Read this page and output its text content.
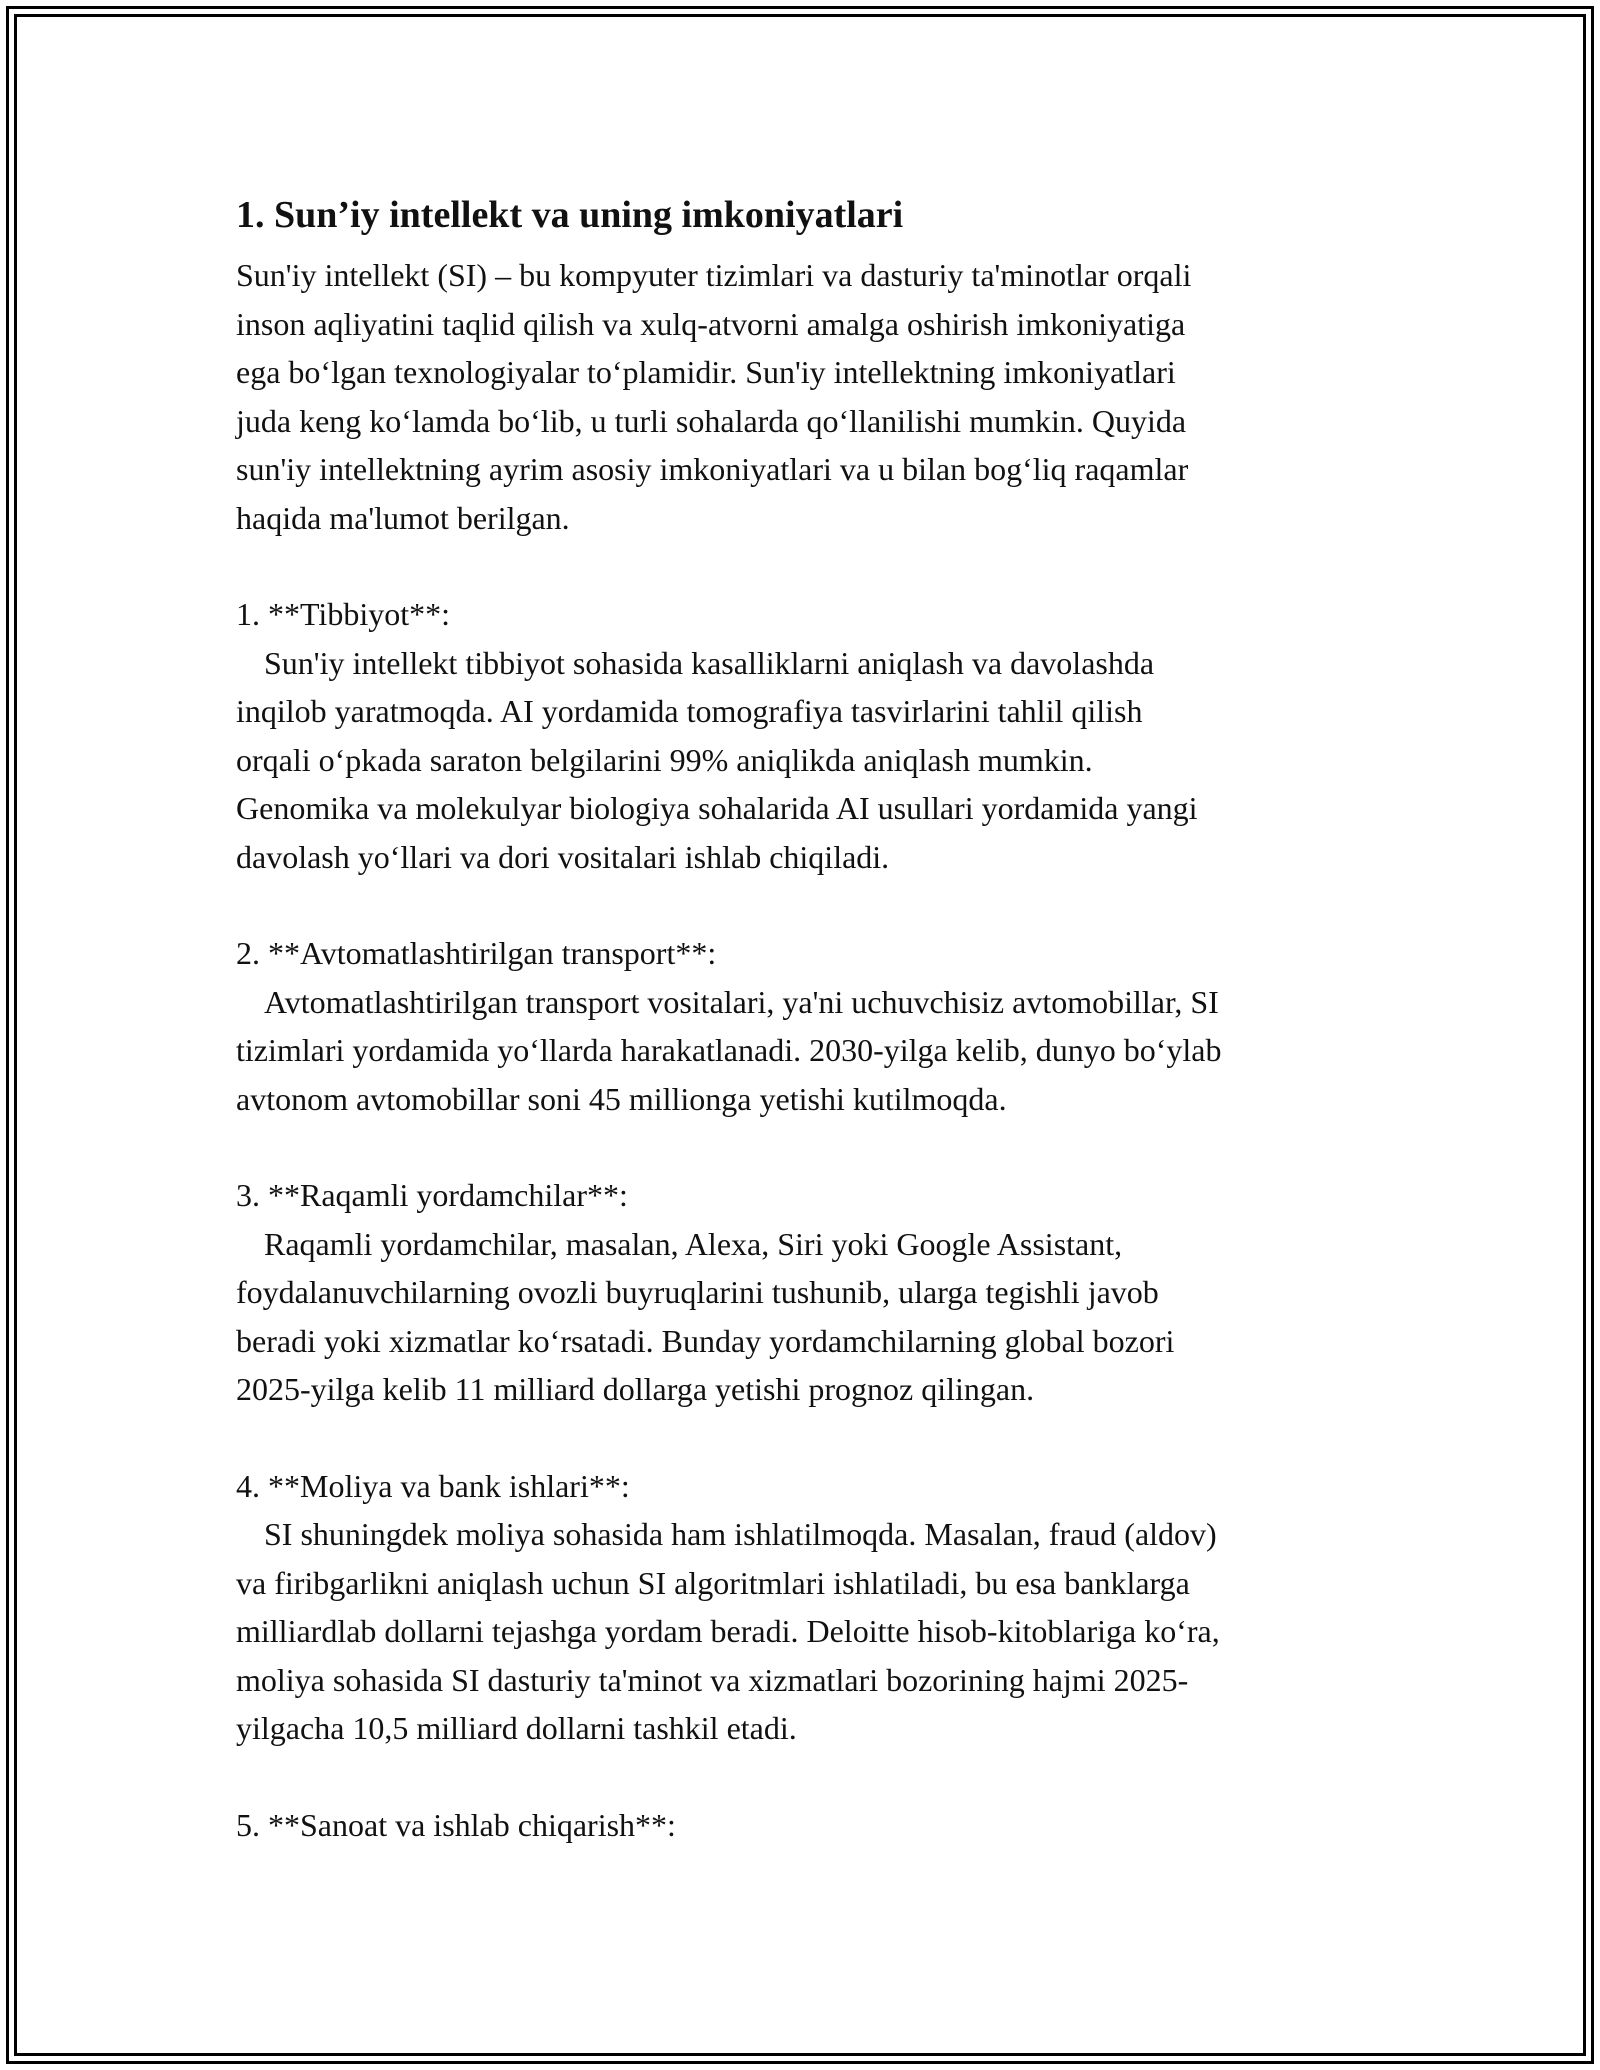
1. Sun’iy intellekt va uning imkoniyatlari

Sun'iy intellekt (SI) – bu kompyuter tizimlari va dasturiy ta'minotlar orqali
inson aqliyatini taqlid qilish va xulq-atvorni amalga oshirish imkoniyatiga
ega bo‘lgan texnologiyalar to‘plamidir. Sun'iy intellektning imkoniyatlari
juda keng ko‘lamda bo‘lib, u turli sohalarda qo‘llanilishi mumkin. Quyida
sun'iy intellektning ayrim asosiy imkoniyatlari va u bilan bog‘liq raqamlar
haqida ma'lumot berilgan.

1. **Tibbiyot**:

Sun'iy intellekt tibbiyot sohasida kasalliklarni aniqlash va davolashda
inqilob yaratmoqda. AI yordamida tomografiya tasvirlarini tahlil qilish
orqali o‘pkada saraton belgilarini 99% aniqlikda aniqlash mumkin.
Genomika va molekulyar biologiya sohalarida AI usullari yordamida yangi
davolash yo‘llari va dori vositalari ishlab chiqiladi.

2. **Avtomatlashtirilgan transport**:

Avtomatlashtirilgan transport vositalari, ya'ni uchuvchisiz avtomobillar, SI
tizimlari yordamida yo‘llarda harakatlanadi. 2030-yilga kelib, dunyo bo‘ylab
avtonom avtomobillar soni 45 millionga yetishi kutilmoqda.

3. **Raqamli yordamchilar**:

Raqamli yordamchilar, masalan, Alexa, Siri yoki Google Assistant,
foydalanuvchilarning ovozli buyruqlarini tushunib, ularga tegishli javob
beradi yoki xizmatlar ko‘rsatadi. Bunday yordamchilarning global bozori
2025-yilga kelib 11 milliard dollarga yetishi prognoz qilingan.

4. **Moliya va bank ishlari**:

SI shuningdek moliya sohasida ham ishlatilmoqda. Masalan, fraud (aldov)
va firibgarlikni aniqlash uchun SI algoritmlari ishlatiladi, bu esa banklarga
milliardlab dollarni tejashga yordam beradi. Deloitte hisob-kitoblariga ko‘ra,
moliya sohasida SI dasturiy ta'minot va xizmatlari bozorining hajmi 2025-
yilgacha 10,5 milliard dollarni tashkil etadi.

5. **Sanoat va ishlab chiqarish**:
